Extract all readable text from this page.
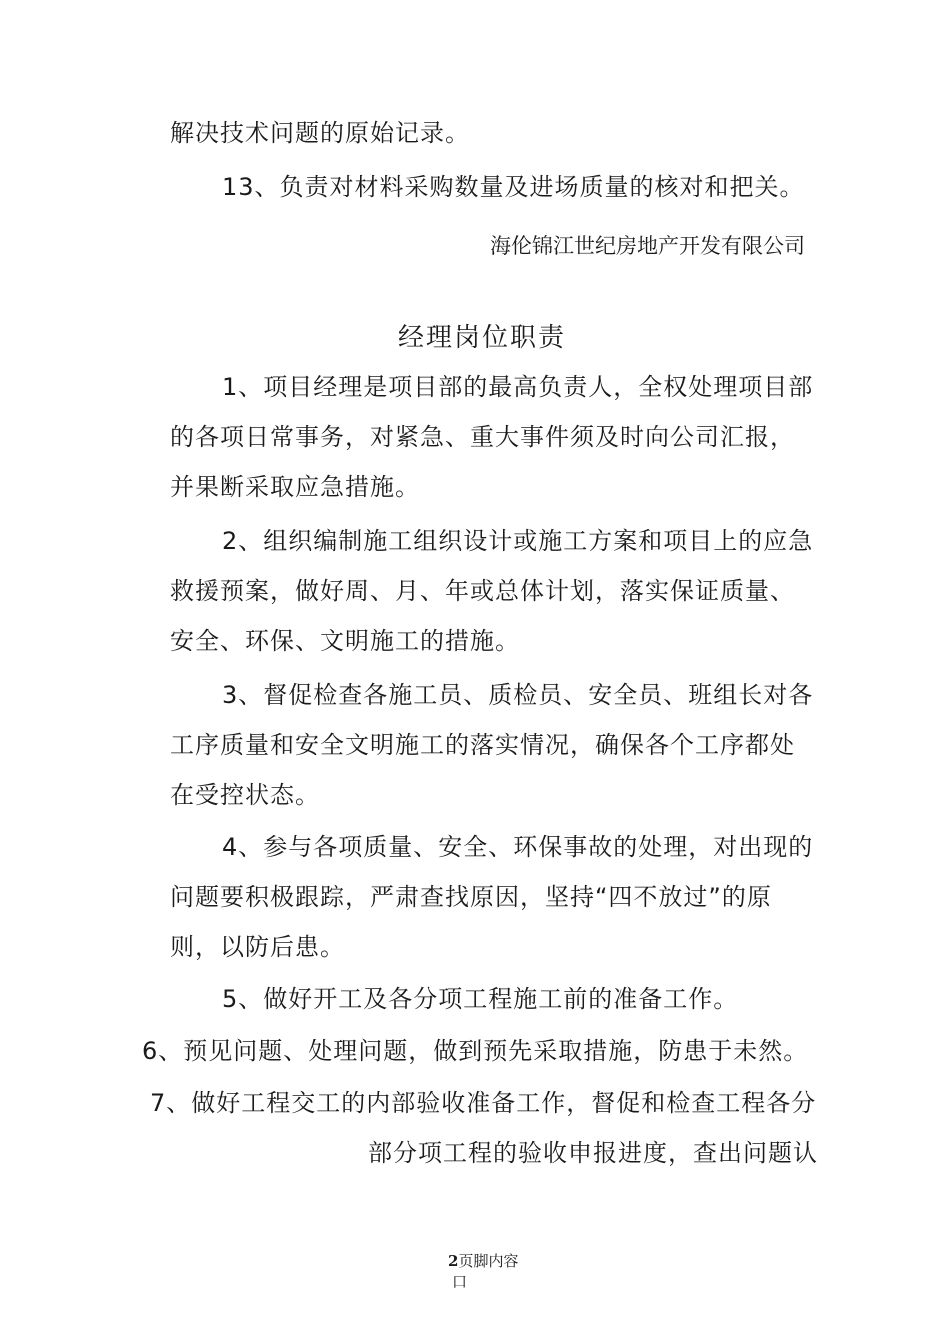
解决技术问题的原始记录。
13、负责对材料采购数量及进场质量的核对和把关。
海伦锦江世纪房地产开发有限公司
经理岗位职责
1、项目经理是项目部的最高负责人，全权处理项目部
的各项日常事务，对紧急、重大事件须及时向公司汇报，
并果断采取应急措施。
2、组织编制施工组织设计或施工方案和项目上的应急
救援预案，做好周、月、年或总体计划，落实保证质量、
安全、环保、文明施工的措施。
3、督促检查各施工员、质检员、安全员、班组长对各
工序质量和安全文明施工的落实情况，确保各个工序都处
在受控状态。
4、参与各项质量、安全、环保事故的处理，对出现的
问题要积极跟踪，严肃查找原因，坚持“四不放过”的原
则，以防后患。
5、做好开工及各分项工程施工前的准备工作。
6、预见问题、处理问题，做到预先采取措施，防患于未然。
7、做好工程交工的内部验收准备工作，督促和检查工程各分
部分项工程的验收申报进度，查出问题认
2页脚内容
口
